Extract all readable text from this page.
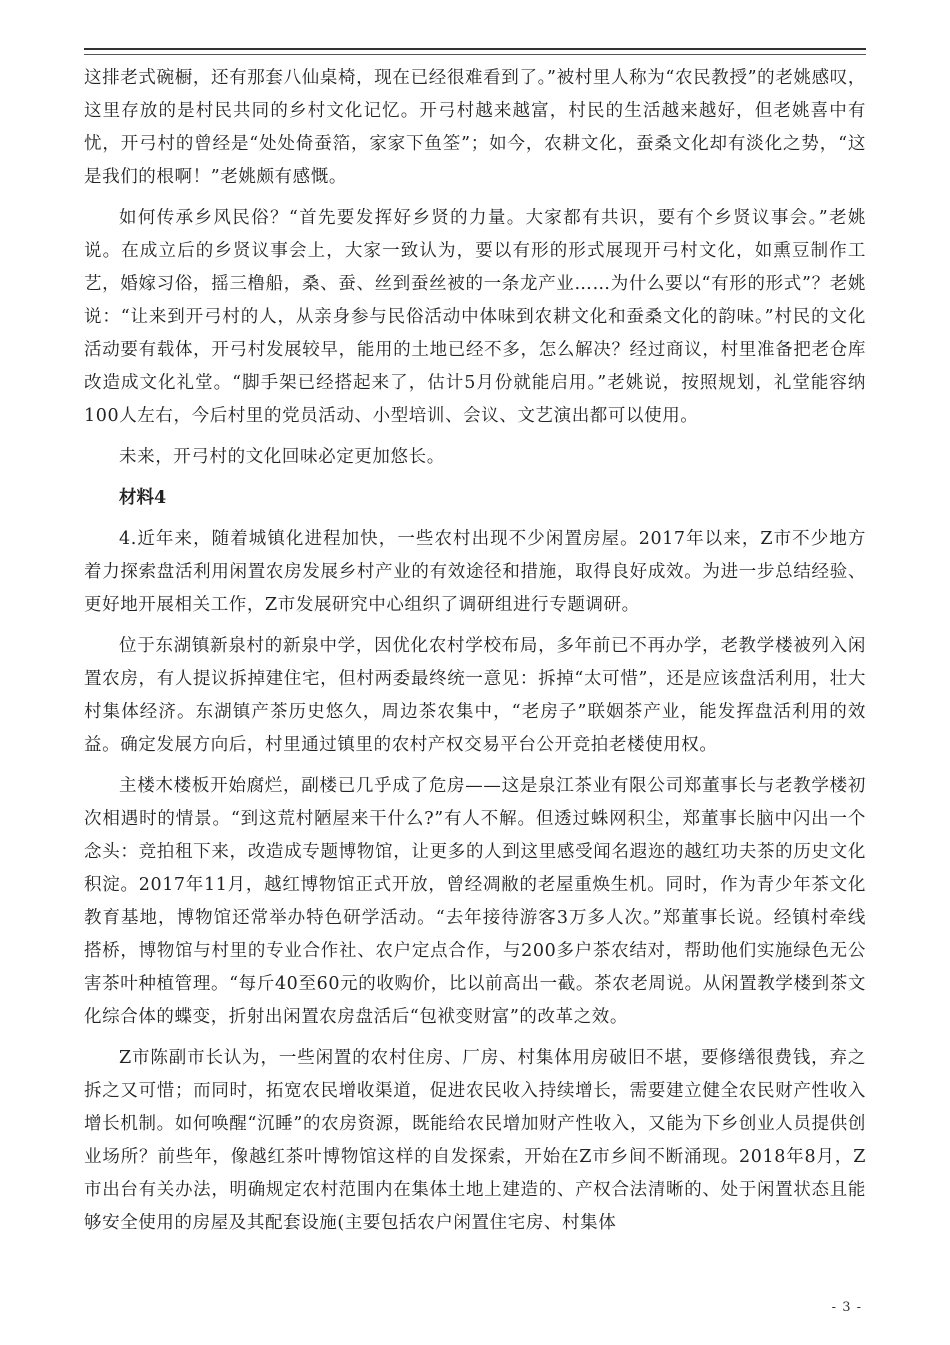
这排老式碗橱，还有那套八仙桌椅，现在已经很难看到了。”被村里人称为“农民教授”的老姚感叹，这里存放的是村民共同的乡村文化记忆。开弓村越来越富，村民的生活越来越好，但老姚喜中有忧，开弓村的曾经是“处处倚蚕箔，家家下鱼筌”；如今，农耕文化，蚕桑文化却有淡化之势，“这是我们的根啊！”老姚颇有感慨。

如何传承乡风民俗？“首先要发挥好乡贤的力量。大家都有共识，要有个乡贤议事会。”老姚说。在成立后的乡贤议事会上，大家一致认为，要以有形的形式展现开弓村文化，如熏豆制作工艺，婚嫁习俗，摇三橹船，桑、蚕、丝到蚕丝被的一条龙产业……为什么要以“有形的形式”？老姚说：“让来到开弓村的人，从亲身参与民俗活动中体味到农耕文化和蚕桑文化的韵味。”村民的文化活动要有载体，开弓村发展较早，能用的土地已经不多，怎么解决？经过商议，村里准备把老仓库改造成文化礼堂。“脚手架已经搭起来了，估计5月份就能启用。”老姚说，按照规划，礼堂能容纳100人左右，今后村里的党员活动、小型培训、会议、文艺演出都可以使用。

未来，开弓村的文化回味必定更加悠长。

材料4

4.近年来，随着城镇化进程加快，一些农村出现不少闲置房屋。2017年以来，Z市不少地方着力探索盘活利用闲置农房发展乡村产业的有效途径和措施，取得良好成效。为进一步总结经验、更好地开展相关工作，Z市发展研究中心组织了调研组进行专题调研。

位于东湖镇新泉村的新泉中学，因优化农村学校布局，多年前已不再办学，老教学楼被列入闲置农房，有人提议拆掉建住宅，但村两委最终统一意见：拆掉“太可惜”，还是应该盘活利用，壮大村集体经济。东湖镇产茶历史悠久，周边茶农集中，“老房子”联姻茶产业，能发挥盘活利用的效益。确定发展方向后，村里通过镇里的农村产权交易平台公开竞拍老楼使用权。

主楼木楼板开始腐烂，副楼已几乎成了危房——这是泉江茶业有限公司郑董事长与老教学楼初次相遇时的情景。“到这荒村陋屋来干什么?”有人不解。但透过蛛网积尘，郑董事长脑中闪出一个念头：竞拍租下来，改造成专题博物馆，让更多的人到这里感受闻名遐迩的越红功夫茶的历史文化积淀。2017年11月，越红博物馆正式开放，曾经凋敝的老屋重焕生机。同时，作为青少年茶文化教育基地，博物馆还常举办特色研学活动。“去年接待游客3万多人次。”郑董事长说。经镇村牵线搭桥，博物馆与村里的专业合作社、农户定点合作，与200多户茶农结对，帮助他们实施绿色无公害茶叶种植管理。“每斤40至60元的收购价，比以前高出一截。茶农老周说。从闲置教学楼到茶文化综合体的蝶变，折射出闲置农房盘活后“包袱变财富”的改革之效。

Z市陈副市长认为，一些闲置的农村住房、厂房、村集体用房破旧不堪，要修缮很费钱，弃之拆之又可惜；而同时，拓宽农民增收渠道，促进农民收入持续增长，需要建立健全农民财产性收入增长机制。如何唤醒“沉睡”的农房资源，既能给农民增加财产性收入，又能为下乡创业人员提供创业场所？前些年，像越红茶叶博物馆这样的自发探索，开始在Z市乡间不断涌现。2018年8月，Z市出台有关办法，明确规定农村范围内在集体土地上建造的、产权合法清晰的、处于闲置状态且能够安全使用的房屋及其配套设施(主要包括农户闲置住宅房、村集体

- 3 -
